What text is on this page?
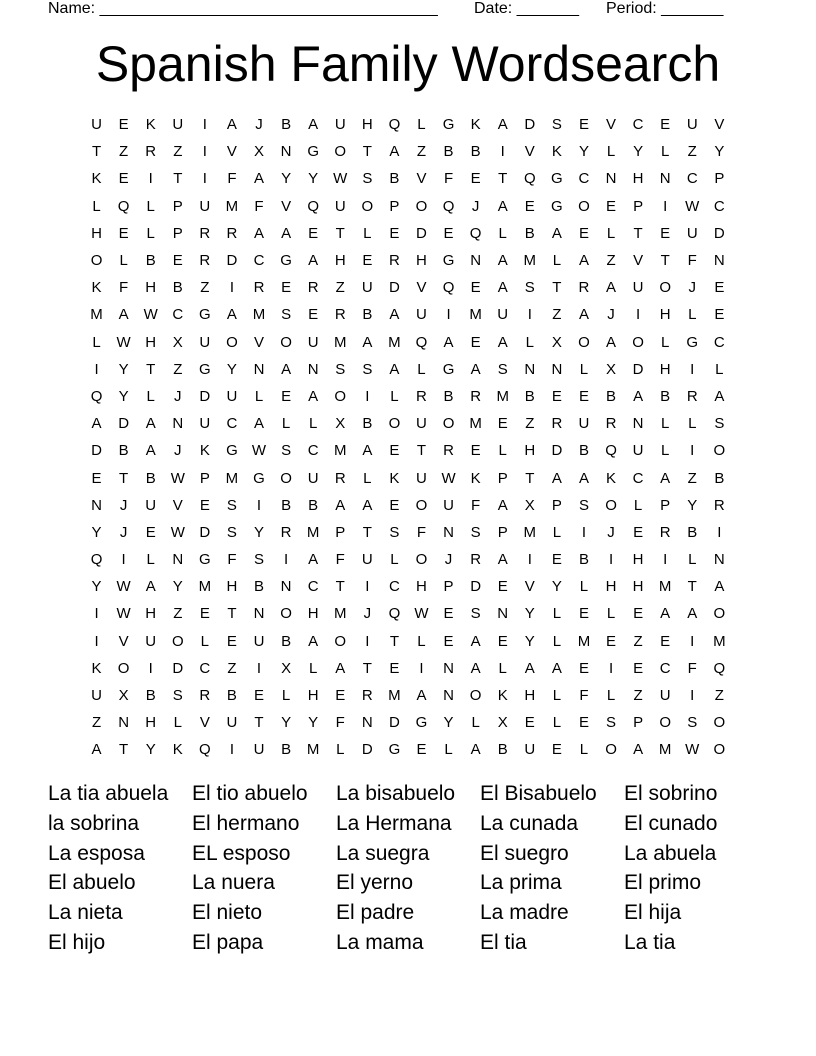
Name: ______________________________________ Date: _______ Period: _______
Spanish Family Wordsearch
U	E	K	U	I	A	J	B	A	U	H	Q	L	G	K	A	D	S	E	V	C	E	U	V
T	Z	R	Z	I	V	X	N	G	O	T	A	Z	B	B	I	V	K	Y	L	Y	L	Z	Y
K	E	I	T	I	F	A	Y	Y W S	B	V	F	E	T	Q	G	C	N	H	N	C	P
L	Q	L	P	U	M	F	V	Q	U	O	P	O	Q	J	A	E	G	O	E	P	I	W C
H	E	L	P	R	R	A	A	E	T	L	E	D	E	Q	L	B	A	E	L	T	E	U	D
O	L	B	E	R	D	C	G	A	H	E	R	H	G	N	A	M	L	A	Z	V	T	F	N
K	F	H	B	Z	I	R	E	R	Z	U	D	V	Q	E	A	S	T	R	A	U	O	J	E
M	A W C	G	A	M	S	E	R	B	A	U	I	M	U	I	Z	A	J	I	H	L	E
L	W H	X	U	O	V	O	U	M	A	M	Q	A	E	A	L	X	O	A	O	L	G	C
I	Y	T	Z	G	Y	N	A	N	S	S	A	L	G	A	S	N	N	L	X	D	H	I	L
Q	Y	L	J	D	U	L	E	A	O	I	L	R	B	R	M	B	E	E	B	A	B	R	A
A	D	A	N	U	C	A	L	L	X	B	O	U	O M	E	Z	R	U	R	N	L	L	S
D	B	A	J	K	G W S	C	M	A	E	T	R	E	L	H	D	B	Q	U	L	I	O
E	T	B W P	M	G	O	U	R	L	K	U W K	P	T	A	A	K	C	A	Z	B
N	J	U	V	E	S	I	B	B	A	A	E	O	U	F	A	X	P	S	O	L	P	Y	R
Y	J	E W D	S	Y	R	M	P	T	S	F	N	S	P	M	L	I	J	E	R	B	I
Q	I	L	N	G	F	S	I	A	F	U	L	O	J	R	A	I	E	B	I	H	I	L	N
Y W A	Y	M	H	B	N	C	T	I	C	H	P	D	E	V	Y	L	H	H	M	T	A
I	W H	Z	E	T	N	O	H	M	J	Q W E	S	N	Y	L	E	L	E	A	A	O
I	V	U	O	L	E	U	B	A	O	I	T	L	E	A	E	Y	L	M	E	Z	E	I	M
K	O	I	D	C	Z	I	X	L	A	T	E	I	N	A	L	A	A	E	I	E	C	F	Q
U	X	B	S	R	B	E	L	H	E	R	M	A	N	O	K	H	L	F	L	Z	U	I	Z
Z	N	H	L	V	U	T	Y	Y	F	N	D	G	Y	L	X	E	L	E	S	P	O	S	O
A	T	Y	K	Q	I	U	B	M	L	D	G	E	L	A	B	U	E	L	O	A	M W O
La tia abuela	El tio abuelo	La bisabuelo	El Bisabuelo	El sobrino
la sobrina	El hermano	La Hermana	La cunada	El cunado
La esposa	EL esposo	La suegra	El suegro	La abuela
El abuelo	La nuera	El yerno	La prima	El primo
La nieta	El nieto	El padre	La madre	El hija
El hijo	El papa	La mama	El tia	La tia
